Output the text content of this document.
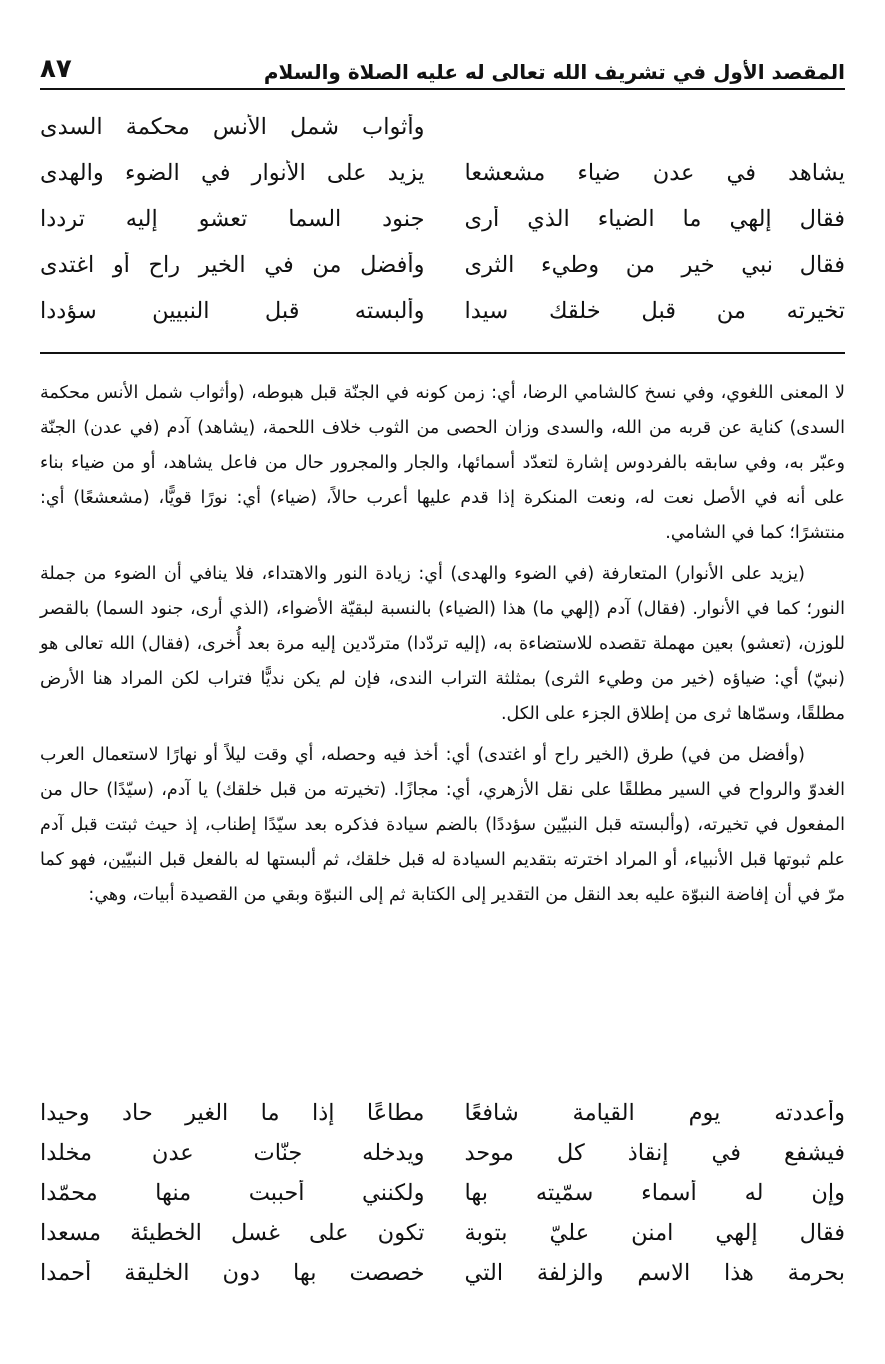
المقصد الأول في تشريف الله تعالى له عليه الصلاة والسلام
٨٧
وأثواب شمل الأنس محكمة السدى
يشاهد في عدن ضياء مشعشعا
يزيد على الأنوار في الضوء والهدى
فقال إلهي ما الضياء الذي أرى
جنود السما تعشو إليه ترددا
فقال نبي خير من وطيء الثرى
وأفضل من في الخير راح أو اغتدى
تخيرته من قبل خلقك سيدا
وألبسته قبل النبيين سؤددا

لا المعنى اللغوي، وفي نسخ كالشامي الرضا، أي: زمن كونه في الجنّة قبل هبوطه، (وأثواب شمل الأنس محكمة السدى) كناية عن قربه من الله، والسدى وزان الحصى من الثوب خلاف اللحمة، (يشاهد) آدم (في عدن) الجنّة وعبّر به، وفي سابقه بالفردوس إشارة لتعدّد أسمائها، والجار والمجرور حال من فاعل يشاهد، أو من ضياء بناء على أنه في الأصل نعت له، ونعت المنكرة إذا قدم عليها أعرب حالاً، (ضياء) أي: نورًا قويًّا، (مشعشعًا) أي: منتشرًا؛ كما في الشامي.

(يزيد على الأنوار) المتعارفة (في الضوء والهدى) أي: زيادة النور والاهتداء، فلا ينافي أن الضوء من جملة النور؛ كما في الأنوار. (فقال) آدم (إلهي ما) هذا (الضياء) بالنسبة لبقيّة الأضواء، (الذي أرى، جنود السما) بالقصر للوزن، (تعشو) بعين مهملة تقصده للاستضاءة به، (إليه تردّدا) متردّدين إليه مرة بعد أُخرى، (فقال) الله تعالى هو (نبيّ) أي: ضياؤه (خير من وطيء الثرى) بمثلثة التراب الندى، فإن لم يكن نديًّا فتراب لكن المراد هنا الأرض مطلقًا، وسمّاها ثرى من إطلاق الجزء على الكل.

(وأفضل من في) طرق (الخير راح أو اغتدى) أي: أخذ فيه وحصله، أي وقت ليلاً أو نهارًا لاستعمال العرب الغدوّ والرواح في السير مطلقًا على نقل الأزهري، أي: مجازًا. (تخيرته من قبل خلقك) يا آدم، (سيّدًا) حال من المفعول في تخيرته، (وألبسته قبل النبيّين سؤددًا) بالضم سيادة فذكره بعد سيّدًا إطناب، إذ حيث ثبتت قبل آدم علم ثبوتها قبل الأنبياء، أو المراد اخترته بتقديم السيادة له قبل خلقك، ثم ألبستها له بالفعل قبل النبيّين، فهو كما مرّ في أن إفاضة النبوّة عليه بعد النقل من التقدير إلى الكتابة ثم إلى النبوّة وبقي من القصيدة أبيات، وهي:

وأعددته يوم القيامة شافعًا
مطاعًا إذا ما الغير حاد وحيدا
فيشفع في إنقاذ كل موحد
ويدخله جنّات عدن مخلدا
وإن له أسماء سمّيته بها
ولكنني أحببت منها محمّدا
فقال إلهي امنن عليّ بتوبة
تكون على غسل الخطيئة مسعدا
بحرمة هذا الاسم والزلفة التي
خصصت بها دون الخليقة أحمدا
